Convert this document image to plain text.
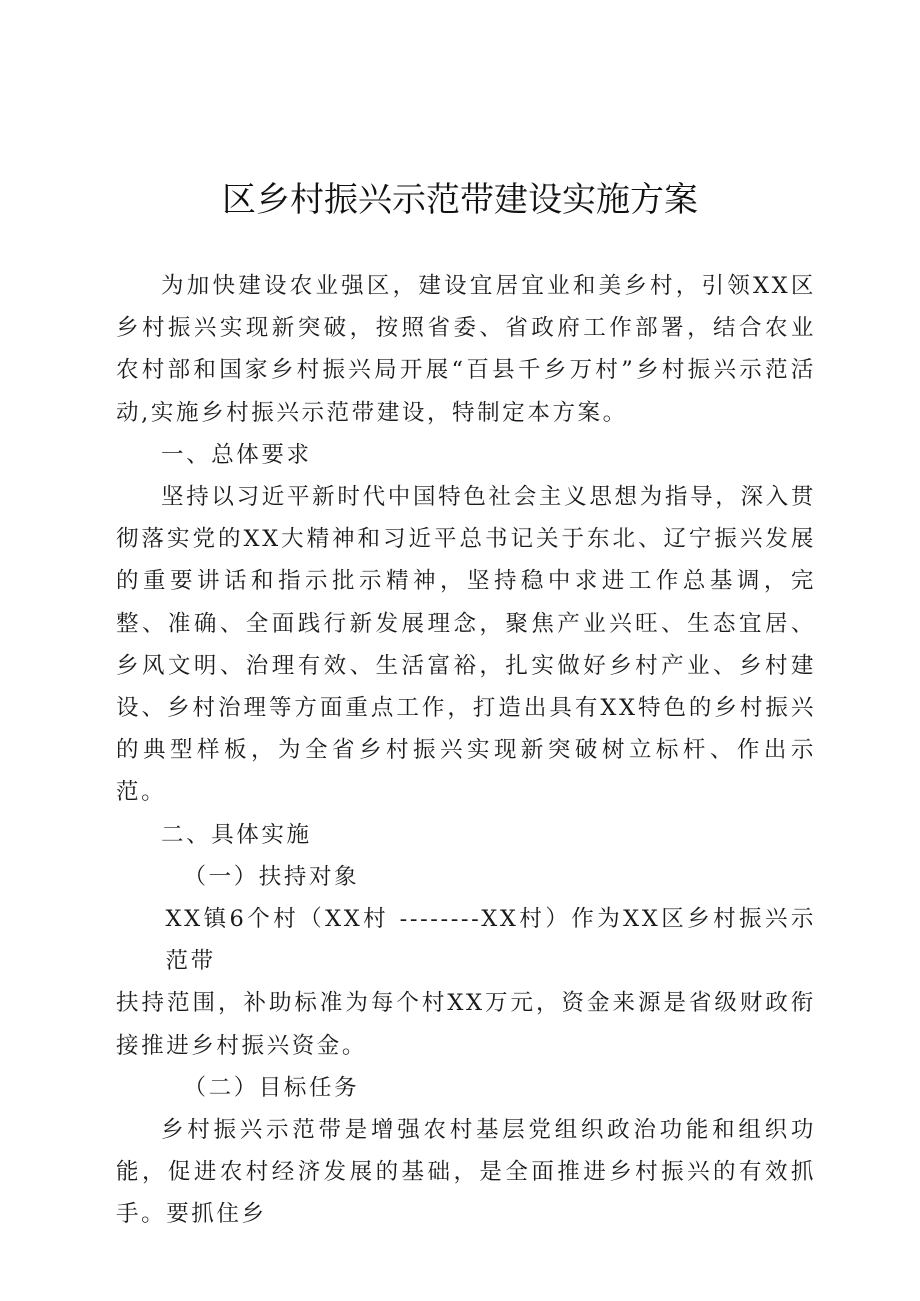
区乡村振兴示范带建设实施方案

为加快建设农业强区，建设宜居宜业和美乡村，引领XX区乡村振兴实现新突破，按照省委、省政府工作部署，结合农业农村部和国家乡村振兴局开展“百县千乡万村”乡村振兴示范活动,实施乡村振兴示范带建设，特制定本方案。

一、总体要求

坚持以习近平新时代中国特色社会主义思想为指导，深入贯彻落实党的XX大精神和习近平总书记关于东北、辽宁振兴发展的重要讲话和指示批示精神，坚持稳中求进工作总基调，完整、准确、全面践行新发展理念，聚焦产业兴旺、生态宜居、乡风文明、治理有效、生活富裕，扎实做好乡村产业、乡村建设、乡村治理等方面重点工作，打造出具有XX特色的乡村振兴的典型样板，为全省乡村振兴实现新突破树立标杆、作出示范。

二、具体实施

（一）扶持对象

XX镇6个村（XX村 --------XX村）作为XX区乡村振兴示范带
扶持范围，补助标准为每个村XX万元，资金来源是省级财政衔接推进乡村振兴资金。

（二）目标任务

乡村振兴示范带是增强农村基层党组织政治功能和组织功能，促进农村经济发展的基础，是全面推进乡村振兴的有效抓手。要抓住乡
